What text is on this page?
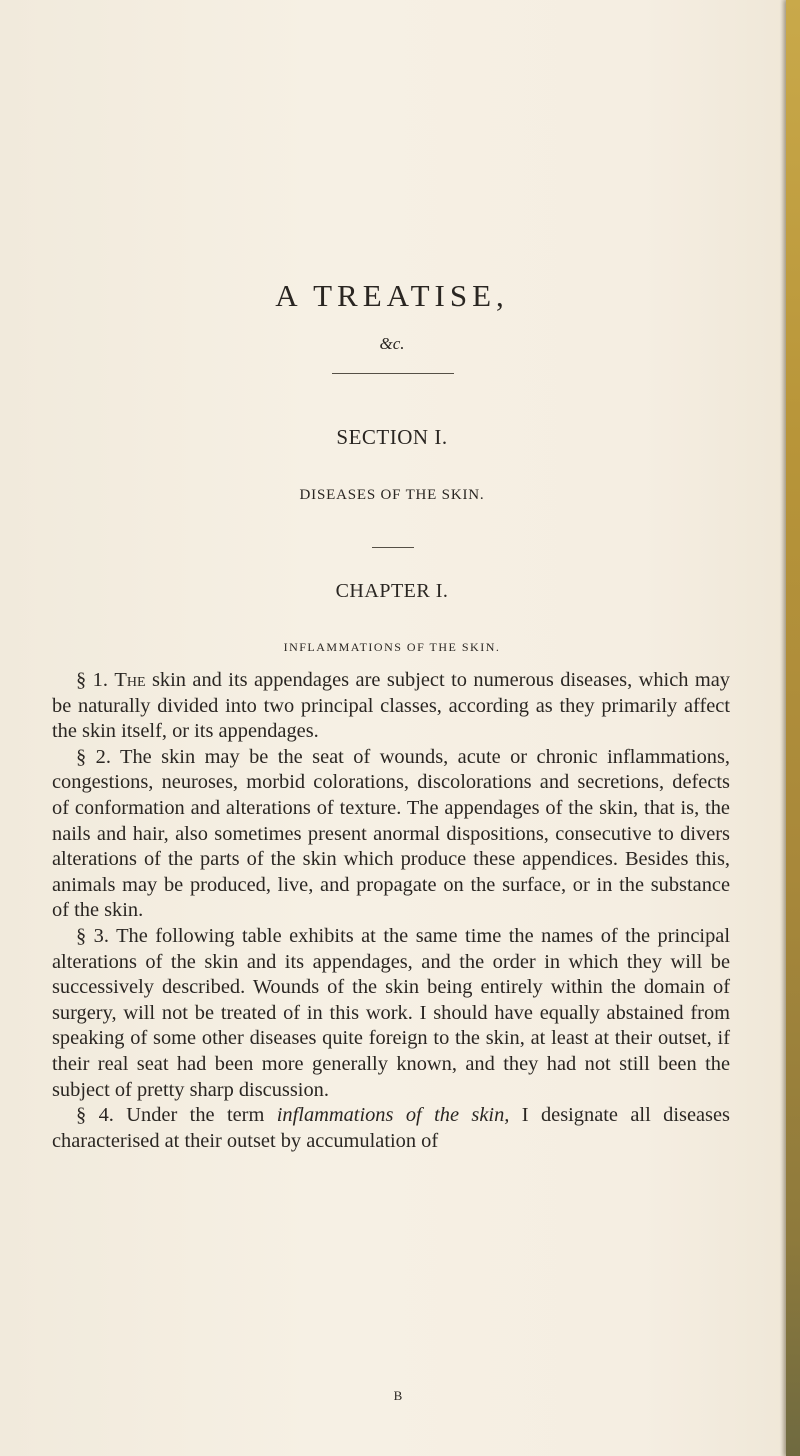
A TREATISE,
&c.
SECTION I.
DISEASES OF THE SKIN.
CHAPTER I.
INFLAMMATIONS OF THE SKIN.

§ 1. The skin and its appendages are subject to numerous diseases, which may be naturally divided into two principal classes, according as they primarily affect the skin itself, or its appendages.

§ 2. The skin may be the seat of wounds, acute or chronic inflammations, congestions, neuroses, morbid colorations, discolorations and secretions, defects of conformation and alterations of texture. The appendages of the skin, that is, the nails and hair, also sometimes present anormal dispositions, consecutive to divers alterations of the parts of the skin which produce these appendices. Besides this, animals may be produced, live, and propagate on the surface, or in the substance of the skin.

§ 3. The following table exhibits at the same time the names of the principal alterations of the skin and its appendages, and the order in which they will be successively described. Wounds of the skin being entirely within the domain of surgery, will not be treated of in this work. I should have equally abstained from speaking of some other diseases quite foreign to the skin, at least at their outset, if their real seat had been more generally known, and they had not still been the subject of pretty sharp discussion.

§ 4. Under the term inflammations of the skin, I designate all diseases characterised at their outset by accumulation of

B
